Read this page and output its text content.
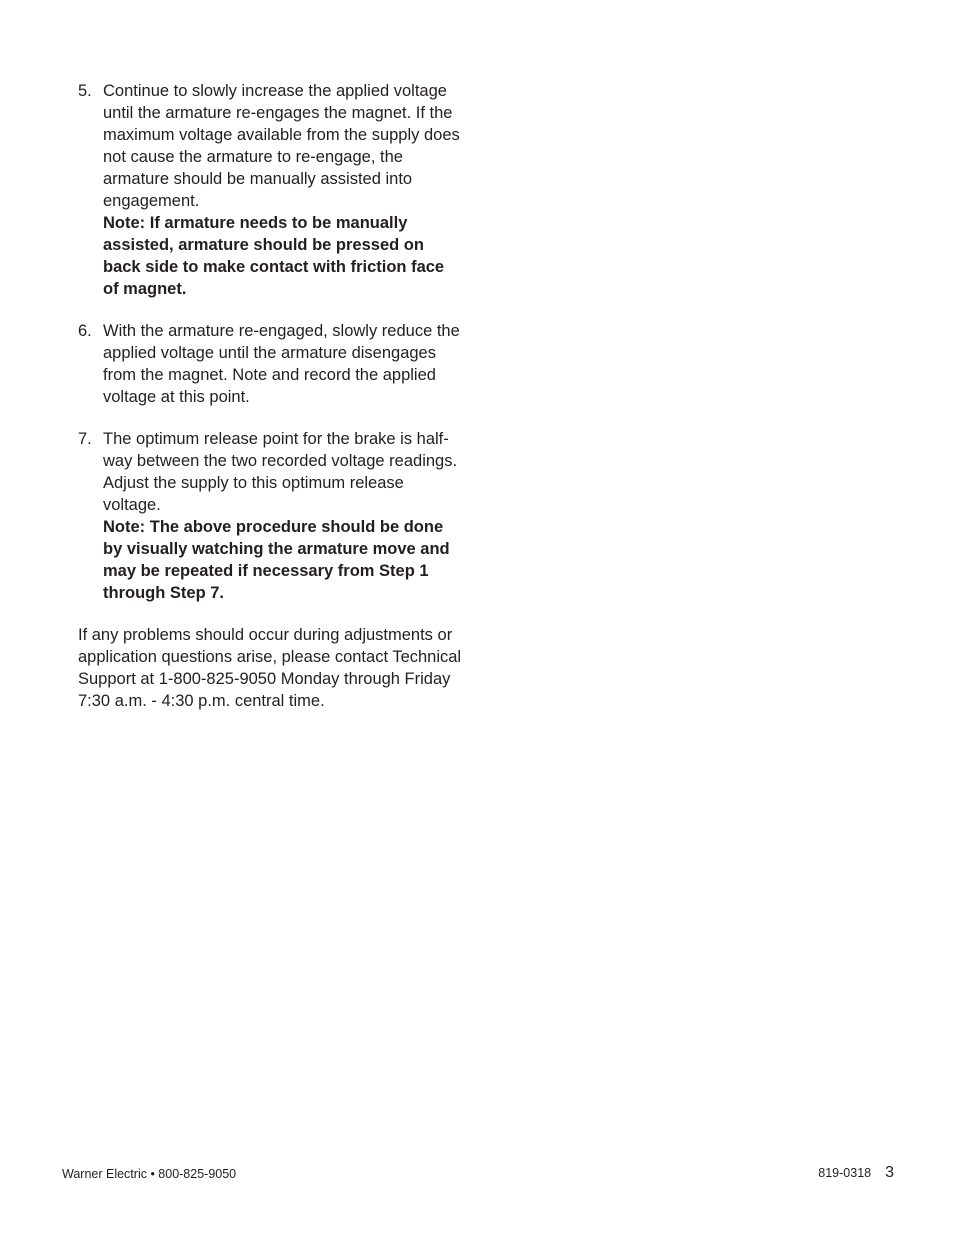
5. Continue to slowly increase the applied voltage until the armature re-engages the magnet. If the maximum voltage available from the supply does not cause the armature to re-engage, the armature should be manually assisted into engagement.
Note: If armature needs to be manually assisted, armature should be pressed on back side to make contact with friction face of magnet.
6. With the armature re-engaged, slowly reduce the applied voltage until the armature disengages from the magnet. Note and record the applied voltage at this point.
7. The optimum release point for the brake is half-way between the two recorded voltage readings. Adjust the supply to this optimum release voltage.
Note: The above procedure should be done by visually watching the armature move and may be repeated if necessary from Step 1 through Step 7.

If any problems should occur during adjustments or application questions arise, please contact Technical Support at 1-800-825-9050 Monday through Friday 7:30 a.m. - 4:30 p.m. central time.

Warner Electric • 800-825-9050	819-0318 3
